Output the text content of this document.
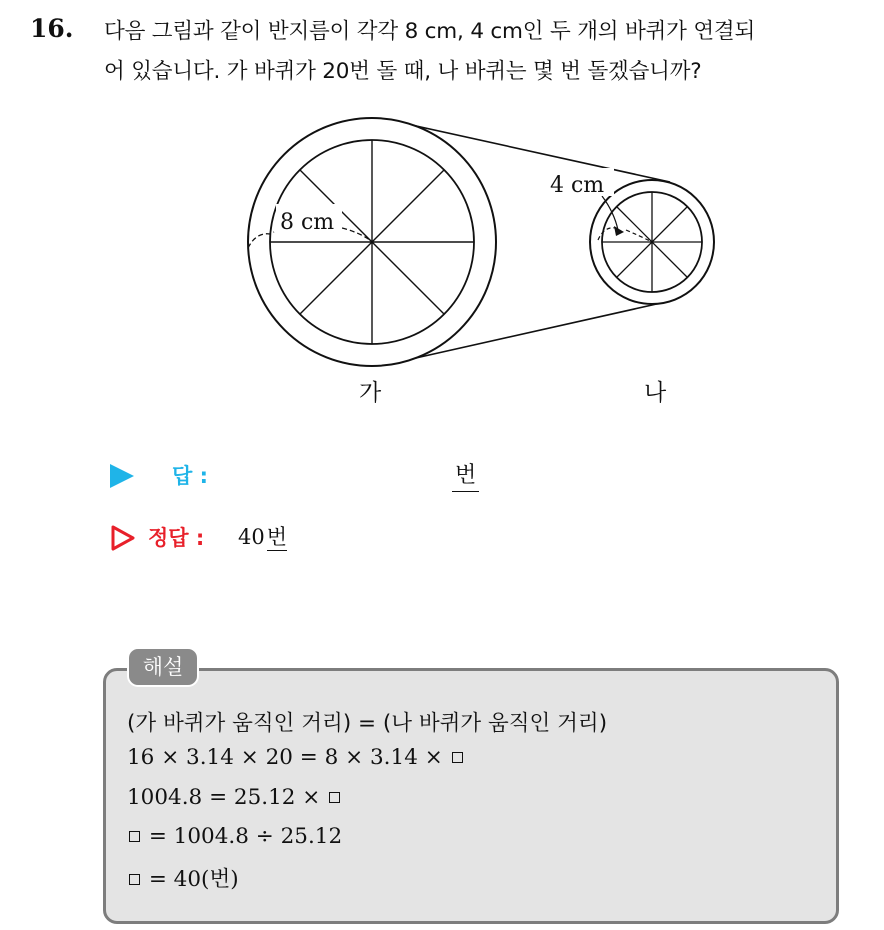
16. 다음 그림과 같이 반지름이 각각 8 cm, 4 cm인 두 개의 바퀴가 연결되
어 있습니다. 가 바퀴가 20번 돌 때, 나 바퀴는 몇 번 돌겠습니까?
8 cm
4 cm
가	나
답 :	번
정답 : 40번
해설
(가 바퀴가 움직인 거리) = (나 바퀴가 움직인 거리)
16 × 3.14 × 20 = 8 × 3.14 ×
1004.8 = 25.12 ×
= 1004.8 ÷ 25.12
= 40(번)
